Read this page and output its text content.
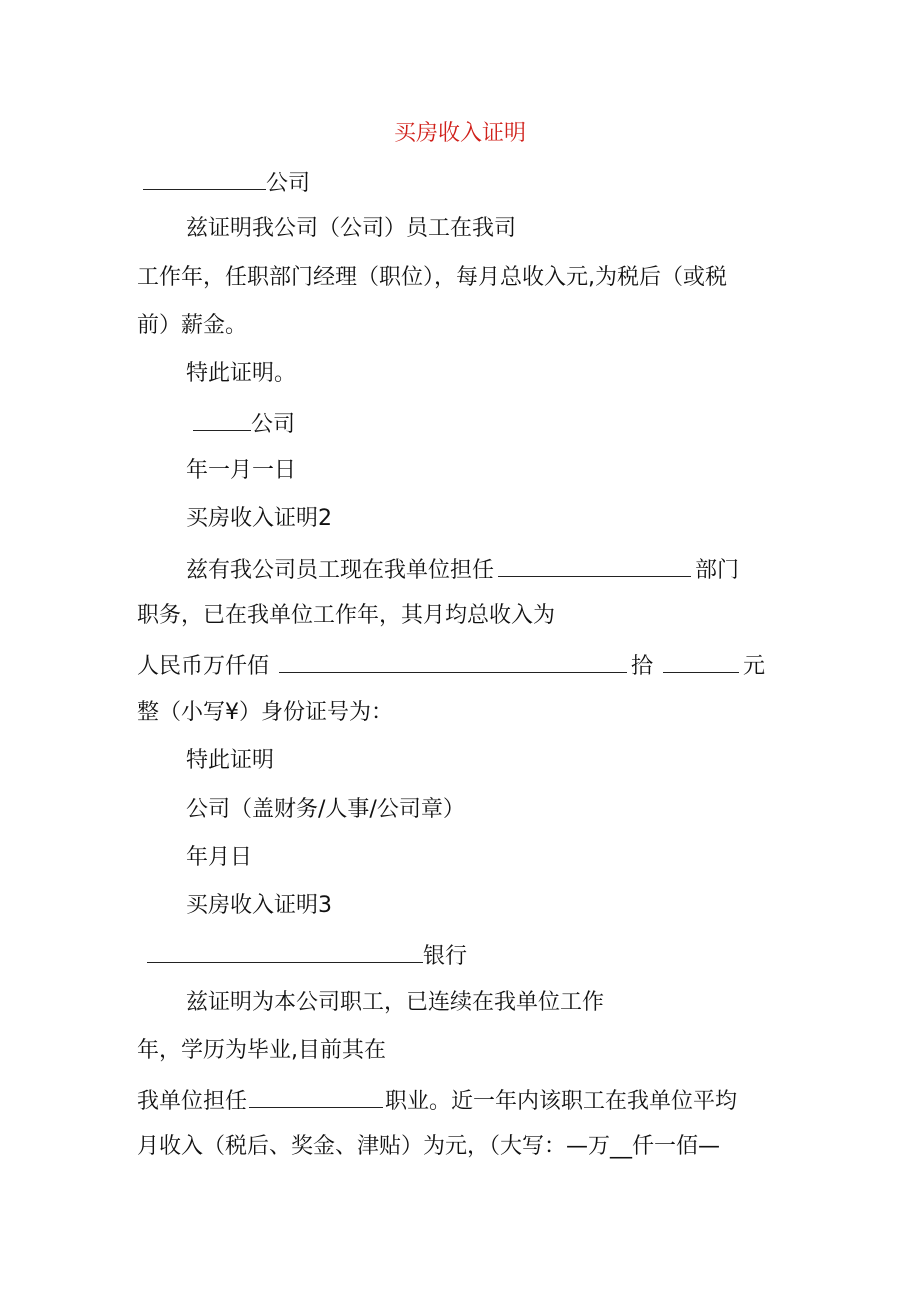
买房收入证明
公司
兹证明我公司（公司）员工在我司
工作年，任职部门经理（职位），每月总收入元,为税后（或税
前）薪金。
特此证明。
公司
年一月一日
买房收入证明2
兹有我公司员工现在我单位担任	部门
职务，已在我单位工作年，其月均总收入为
人民币万仟佰	拾	元
整（小写¥）身份证号为：
特此证明
公司（盖财务/人事/公司章）
年月日
买房收入证明3
银行
兹证明为本公司职工，已连续在我单位工作
年，学历为毕业,目前其在
我单位担任	职业。近一年内该职工在我单位平均
月收入（税后、奖金、津贴）为元，（大写：—万__仟一佰—
